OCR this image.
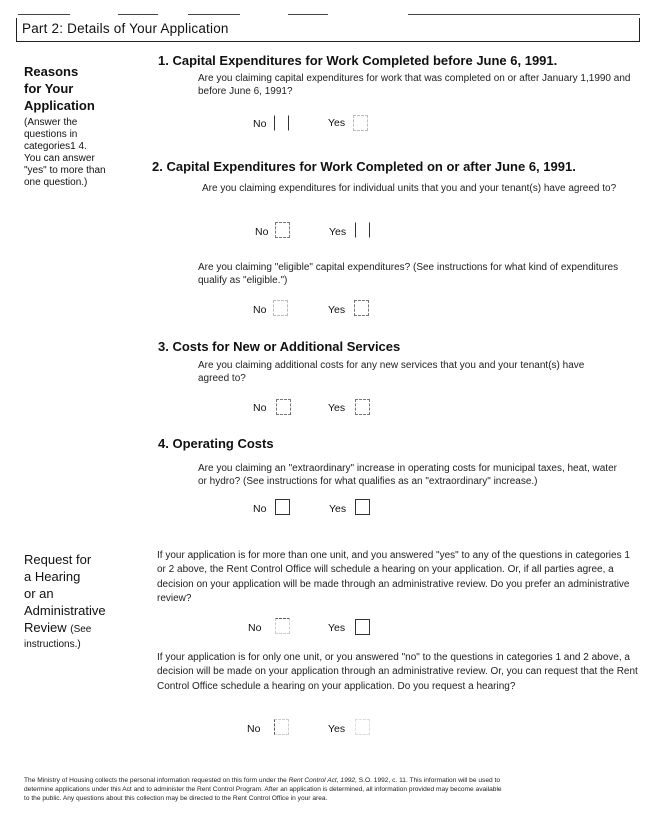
Part 2: Details of Your Application
Reasons
for Your
Application
(Answer the
questions in
categories1 4.
You can answer
"yes" to more than
one question.)
1. Capital Expenditures for Work Completed before June 6, 1991.
Are you claiming capital expenditures for work that was completed on or after January 1,1990 and before June 6, 1991?
No	Yes
2. Capital Expenditures for Work Completed on or after June 6, 1991.
Are you claiming expenditures for individual units that you and your tenant(s) have agreed to?
No	Yes
Are you claiming "eligible" capital expenditures? (See instructions for what kind of expenditures qualify as "eligible.")
No	Yes
3. Costs for New or Additional Services
Are you claiming additional costs for any new services that you and your tenant(s) have agreed to?
No	Yes
4. Operating Costs
Are you claiming an "extraordinary" increase in operating costs for municipal taxes, heat, water or hydro? (See instructions for what qualifies as an "extraordinary" increase.)
No	Yes
Request for
a Hearing
or an
Administrative
Review (See
instructions.)
If your application is for more than one unit, and you answered "yes" to any of the questions in categories 1 or 2 above, the Rent Control Office will schedule a hearing on your application. Or, if all parties agree, a decision on your application will be made through an administrative review. Do you prefer an administrative review?
No	Yes
If your application is for only one unit, or you answered "no" to the questions in categories 1 and 2 above, a decision will be made on your application through an administrative review. Or, you can request that the Rent Control Office schedule a hearing on your application. Do you request a hearing?
No	Yes
The Ministry of Housing collects the personal information requested on this form under the Rent Control Act, 1992, S.O. 1992, c. 11. This information will be used to determine applications under this Act and to administer the Rent Control Program. After an application is determined, all information provided may become available to the public. Any questions about this collection may be directed to the Rent Control Office in your area.
